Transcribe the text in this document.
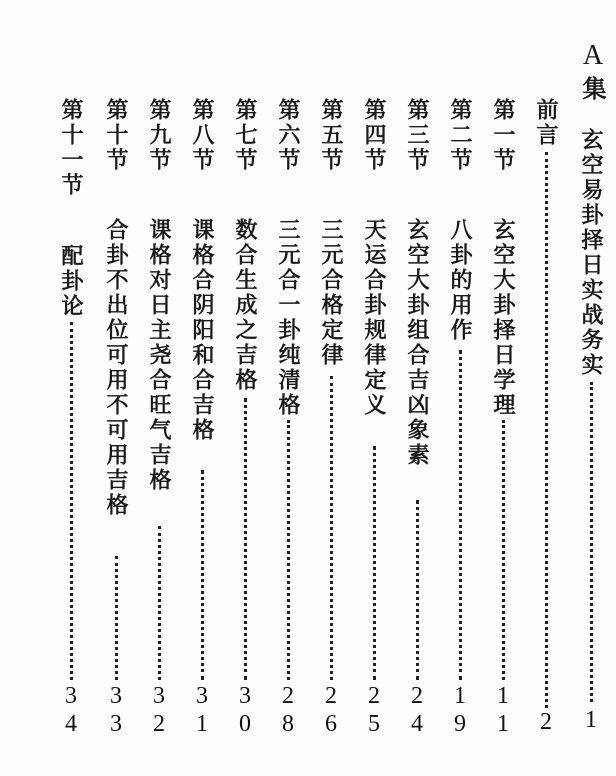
A
集
玄空易卦择日实战务实
1
前言
2
第一节
玄空大卦择日学理
1
1
第二节
八卦的用作
1
9
第三节
玄空大卦组合吉凶象素
2
4
第四节
天运合卦规律定义
2
5
第五节
三元合格定律
2
6
第六节
三元合一卦纯清格
2
8
第七节
数合生成之吉格
3
0
第八节
课格合阴阳和合吉格
3
1
第九节
课格对日主尧合旺气吉格
3
2
第十节
合卦不出位可用不可用吉格
3
3
第十一节
配卦论
3
4
